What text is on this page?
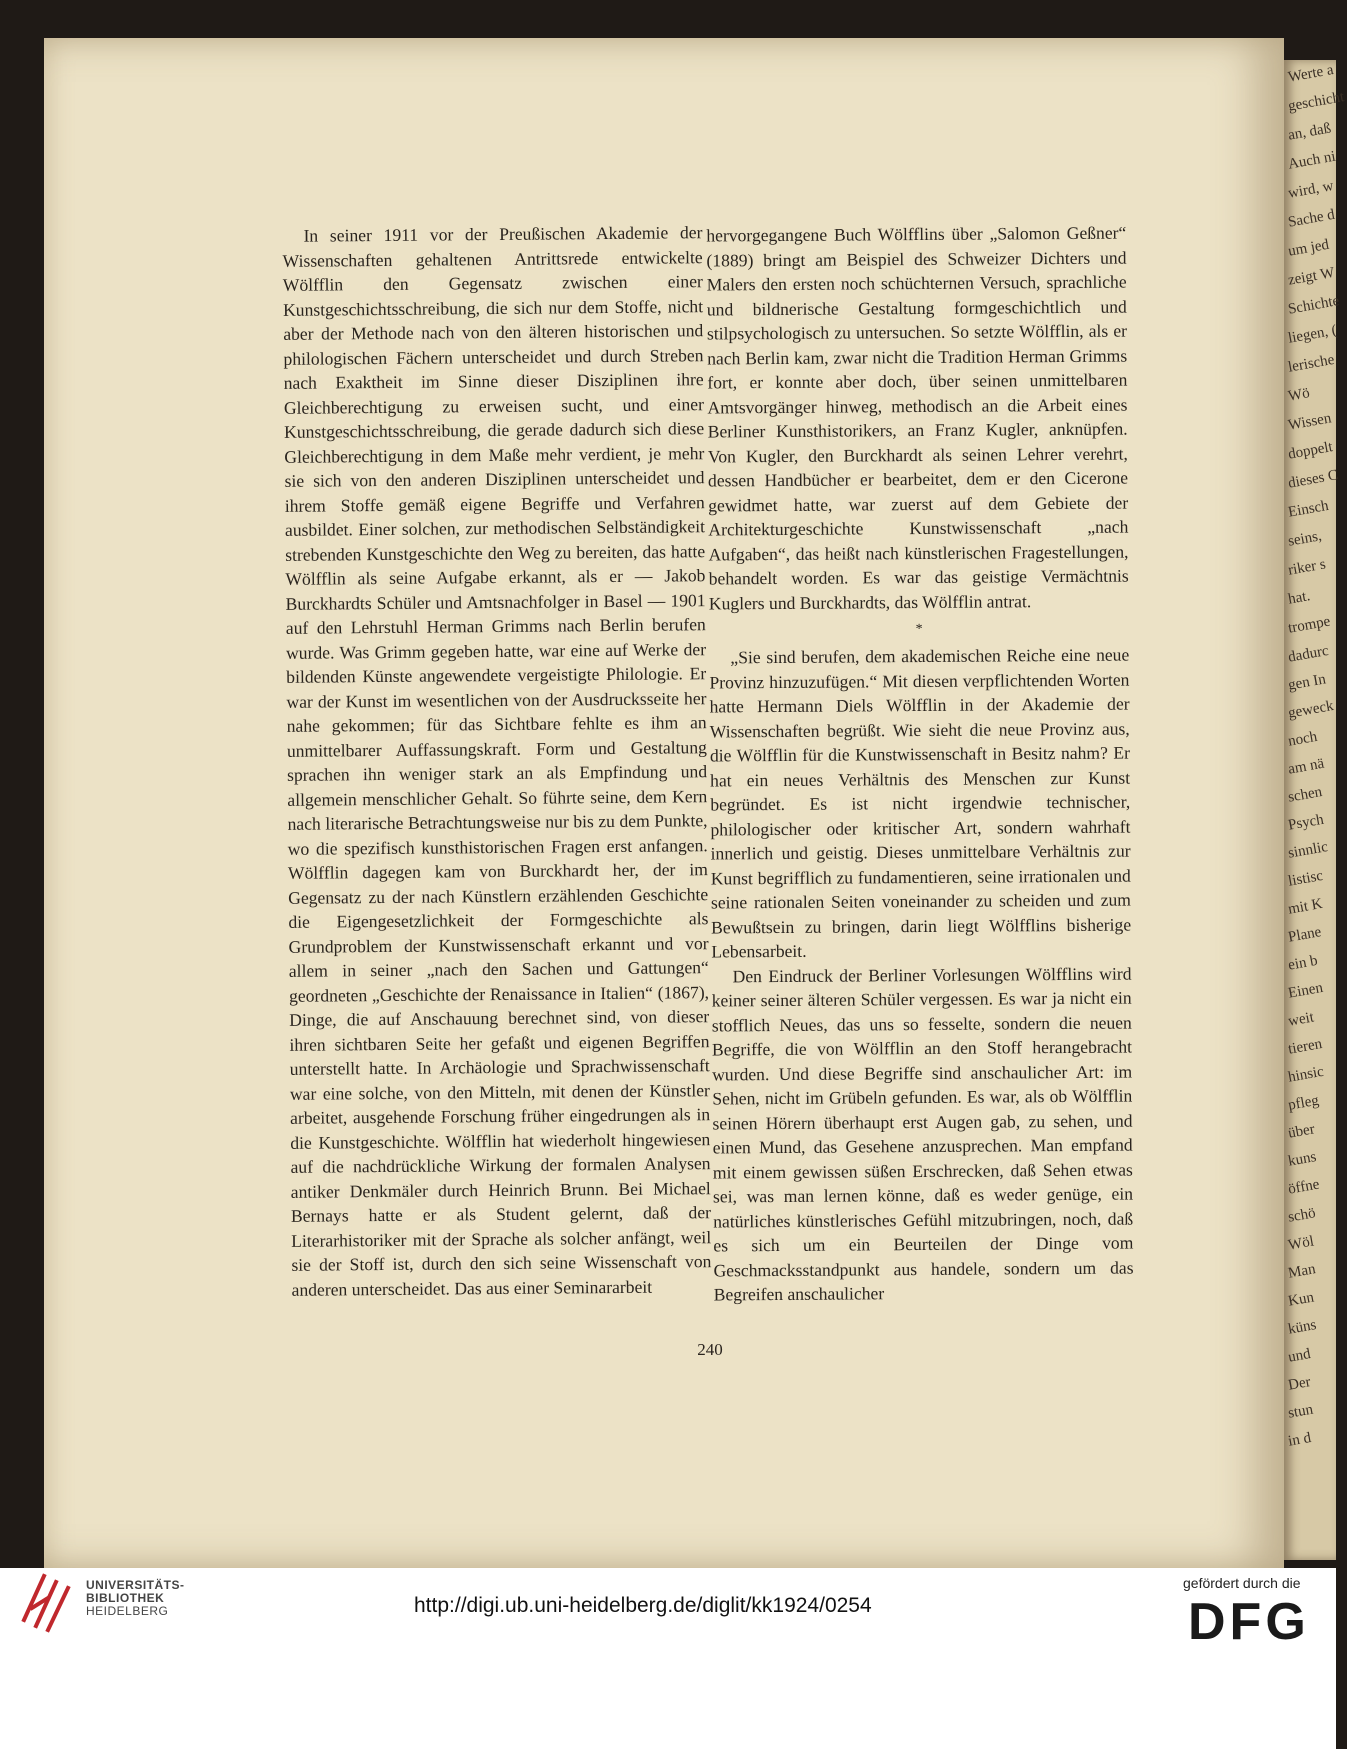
Werte a
geschicht
an, daß
Auch ni
wird, w
Sache d
um jed
zeigt W
Schichte
liegen, (
lerische
Wö
Wissen
doppelt
dieses C
Einsch
seins,
riker s
hat.
trompe
dadurc
gen In
geweck
noch
am nä
schen
Psych
sinnlic
listisc
mit K
Plane
ein b
Einen
weit
tieren
hinsic
pfleg
über
kuns
öffne
schö
Wöl
Man
Kun
küns
und
Der
stun
in d

In seiner 1911 vor der Preußischen Akademie der Wissenschaften gehaltenen Antrittsrede entwickelte Wölfflin den Gegensatz zwischen einer Kunstgeschichtsschreibung, die sich nur dem Stoffe, nicht aber der Methode nach von den älteren historischen und philologischen Fächern unterscheidet und durch Streben nach Exaktheit im Sinne dieser Disziplinen ihre Gleichberechtigung zu erweisen sucht, und einer Kunstgeschichtsschreibung, die gerade dadurch sich diese Gleichberechtigung in dem Maße mehr verdient, je mehr sie sich von den anderen Disziplinen unterscheidet und ihrem Stoffe gemäß eigene Begriffe und Verfahren ausbildet. Einer solchen, zur methodischen Selbständigkeit strebenden Kunstgeschichte den Weg zu bereiten, das hatte Wölfflin als seine Aufgabe erkannt, als er — Jakob Burckhardts Schüler und Amtsnachfolger in Basel — 1901 auf den Lehrstuhl Herman Grimms nach Berlin berufen wurde. Was Grimm gegeben hatte, war eine auf Werke der bildenden Künste angewendete vergeistigte Philologie. Er war der Kunst im wesentlichen von der Ausdrucksseite her nahe gekommen; für das Sichtbare fehlte es ihm an unmittelbarer Auffassungskraft. Form und Gestaltung sprachen ihn weniger stark an als Empfindung und allgemein menschlicher Gehalt. So führte seine, dem Kern nach literarische Betrachtungsweise nur bis zu dem Punkte, wo die spezifisch kunsthistorischen Fragen erst anfangen. Wölfflin dagegen kam von Burckhardt her, der im Gegensatz zu der nach Künstlern erzählenden Geschichte die Eigengesetzlichkeit der Formgeschichte als Grundproblem der Kunstwissenschaft erkannt und vor allem in seiner „nach den Sachen und Gattungen“ geordneten „Geschichte der Renaissance in Italien“ (1867), Dinge, die auf Anschauung berechnet sind, von dieser ihren sichtbaren Seite her gefaßt und eigenen Begriffen unterstellt hatte. In Archäologie und Sprachwissenschaft war eine solche, von den Mitteln, mit denen der Künstler arbeitet, ausgehende Forschung früher eingedrungen als in die Kunstgeschichte. Wölfflin hat wiederholt hingewiesen auf die nachdrückliche Wirkung der formalen Analysen antiker Denkmäler durch Heinrich Brunn. Bei Michael Bernays hatte er als Student gelernt, daß der Literarhistoriker mit der Sprache als solcher anfängt, weil sie der Stoff ist, durch den sich seine Wissenschaft von anderen unterscheidet. Das aus einer Seminararbeit

hervorgegangene Buch Wölfflins über „Salomon Geßner“ (1889) bringt am Beispiel des Schweizer Dichters und Malers den ersten noch schüchternen Versuch, sprachliche und bildnerische Gestaltung formgeschichtlich und stilpsychologisch zu untersuchen. So setzte Wölfflin, als er nach Berlin kam, zwar nicht die Tradition Herman Grimms fort, er konnte aber doch, über seinen unmittelbaren Amtsvorgänger hinweg, methodisch an die Arbeit eines Berliner Kunsthistorikers, an Franz Kugler, anknüpfen. Von Kugler, den Burckhardt als seinen Lehrer verehrt, dessen Handbücher er bearbeitet, dem er den Cicerone gewidmet hatte, war zuerst auf dem Gebiete der Architekturgeschichte Kunstwissenschaft „nach Aufgaben“, das heißt nach künstlerischen Fragestellungen, behandelt worden. Es war das geistige Vermächtnis Kuglers und Burckhardts, das Wölfflin antrat.

*

„Sie sind berufen, dem akademischen Reiche eine neue Provinz hinzuzufügen.“ Mit diesen verpflichtenden Worten hatte Hermann Diels Wölfflin in der Akademie der Wissenschaften begrüßt. Wie sieht die neue Provinz aus, die Wölfflin für die Kunstwissenschaft in Besitz nahm? Er hat ein neues Verhältnis des Menschen zur Kunst begründet. Es ist nicht irgendwie technischer, philologischer oder kritischer Art, sondern wahrhaft innerlich und geistig. Dieses unmittelbare Verhältnis zur Kunst begrifflich zu fundamentieren, seine irrationalen und seine rationalen Seiten voneinander zu scheiden und zum Bewußtsein zu bringen, darin liegt Wölfflins bisherige Lebensarbeit.

Den Eindruck der Berliner Vorlesungen Wölfflins wird keiner seiner älteren Schüler vergessen. Es war ja nicht ein stofflich Neues, das uns so fesselte, sondern die neuen Begriffe, die von Wölfflin an den Stoff herangebracht wurden. Und diese Begriffe sind anschaulicher Art: im Sehen, nicht im Grübeln gefunden. Es war, als ob Wölfflin seinen Hörern überhaupt erst Augen gab, zu sehen, und einen Mund, das Gesehene anzusprechen. Man empfand mit einem gewissen süßen Erschrecken, daß Sehen etwas sei, was man lernen könne, daß es weder genüge, ein natürliches künstlerisches Gefühl mitzubringen, noch, daß es sich um ein Beurteilen der Dinge vom Geschmacksstandpunkt aus handele, sondern um das Begreifen anschaulicher

240
UNIVERSITÄTS-
BIBLIOTHEK
HEIDELBERG	http://digi.ub.uni-heidelberg.de/diglit/kk1924/0254
gefördert durch die
DFG
